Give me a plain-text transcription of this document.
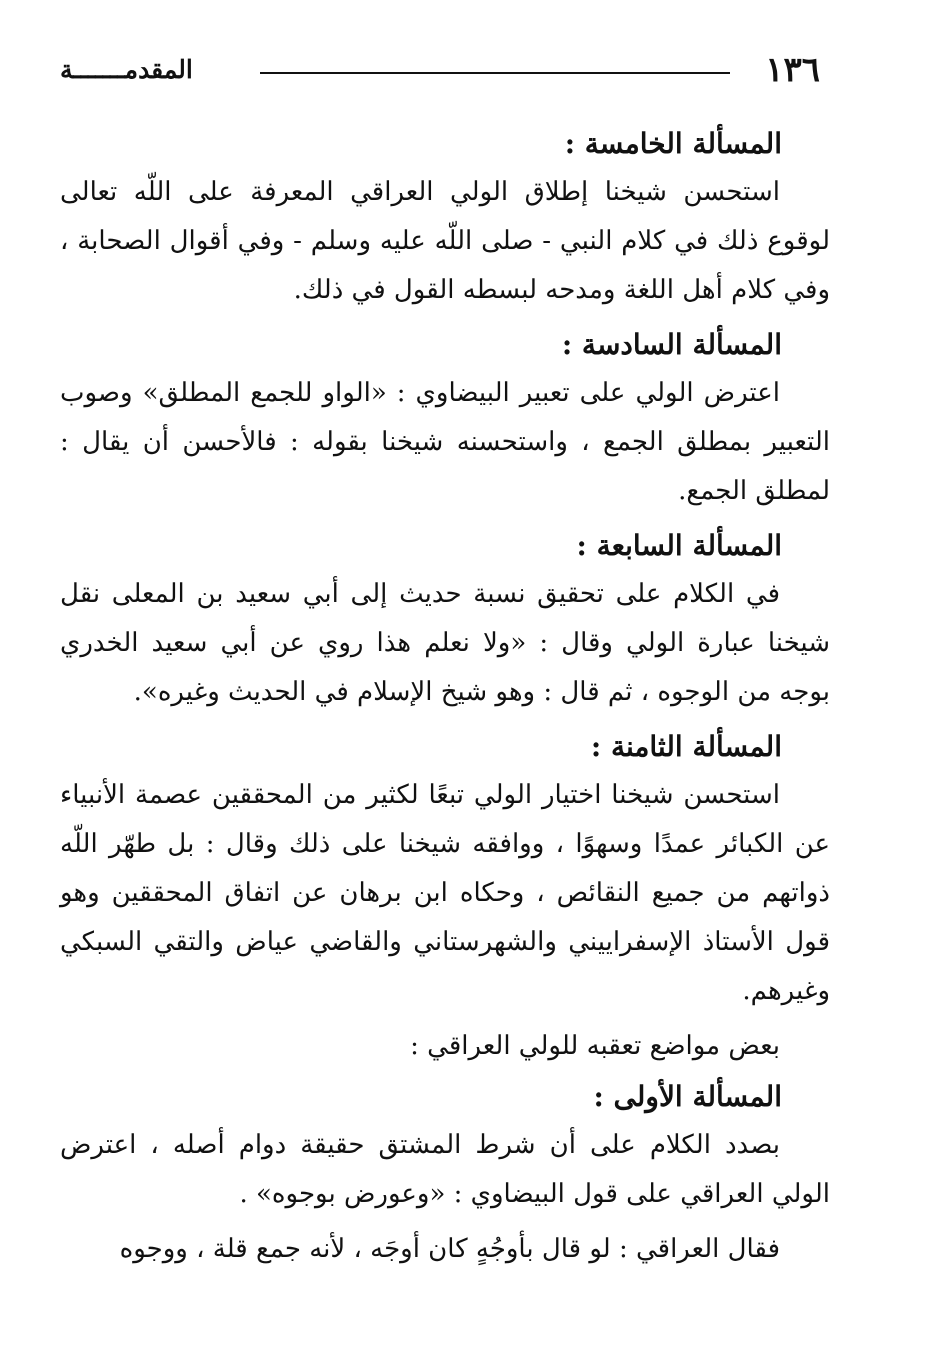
١٣٦
المقدمـــــــة
المسألة الخامسة :

استحسن شيخنا إطلاق الولي العراقي المعرفة على اللّه تعالى لوقوع ذلك في كلام النبي - صلى اللّه عليه وسلم - وفي أقوال الصحابة ، وفي كلام أهل اللغة ومدحه لبسطه القول في ذلك.

المسألة السادسة :

اعترض الولي على تعبير البيضاوي : «الواو للجمع المطلق» وصوب التعبير بمطلق الجمع ، واستحسنه شيخنا بقوله : فالأحسن أن يقال : لمطلق الجمع.

المسألة السابعة :

في الكلام على تحقيق نسبة حديث إلى أبي سعيد بن المعلى نقل شيخنا عبارة الولي وقال : «ولا نعلم هذا روي عن أبي سعيد الخدري بوجه من الوجوه ، ثم قال : وهو شيخ الإسلام في الحديث وغيره».

المسألة الثامنة :

استحسن شيخنا اختيار الولي تبعًا لكثير من المحققين عصمة الأنبياء عن الكبائر عمدًا وسهوًا ، ووافقه شيخنا على ذلك وقال : بل طهّر اللّه ذواتهم من جميع النقائص ، وحكاه ابن برهان عن اتفاق المحققين وهو قول الأستاذ الإسفراييني والشهرستاني والقاضي عياض والتقي السبكي وغيرهم.

بعض مواضع تعقبه للولي العراقي :

المسألة الأولى :

بصدد الكلام على أن شرط المشتق حقيقة دوام أصله ، اعترض الولي العراقي على قول البيضاوي : «وعورض بوجوه» .

فقال العراقي : لو قال بأوجُهٍ كان أوجَه ، لأنه جمع قلة ، ووجوه
